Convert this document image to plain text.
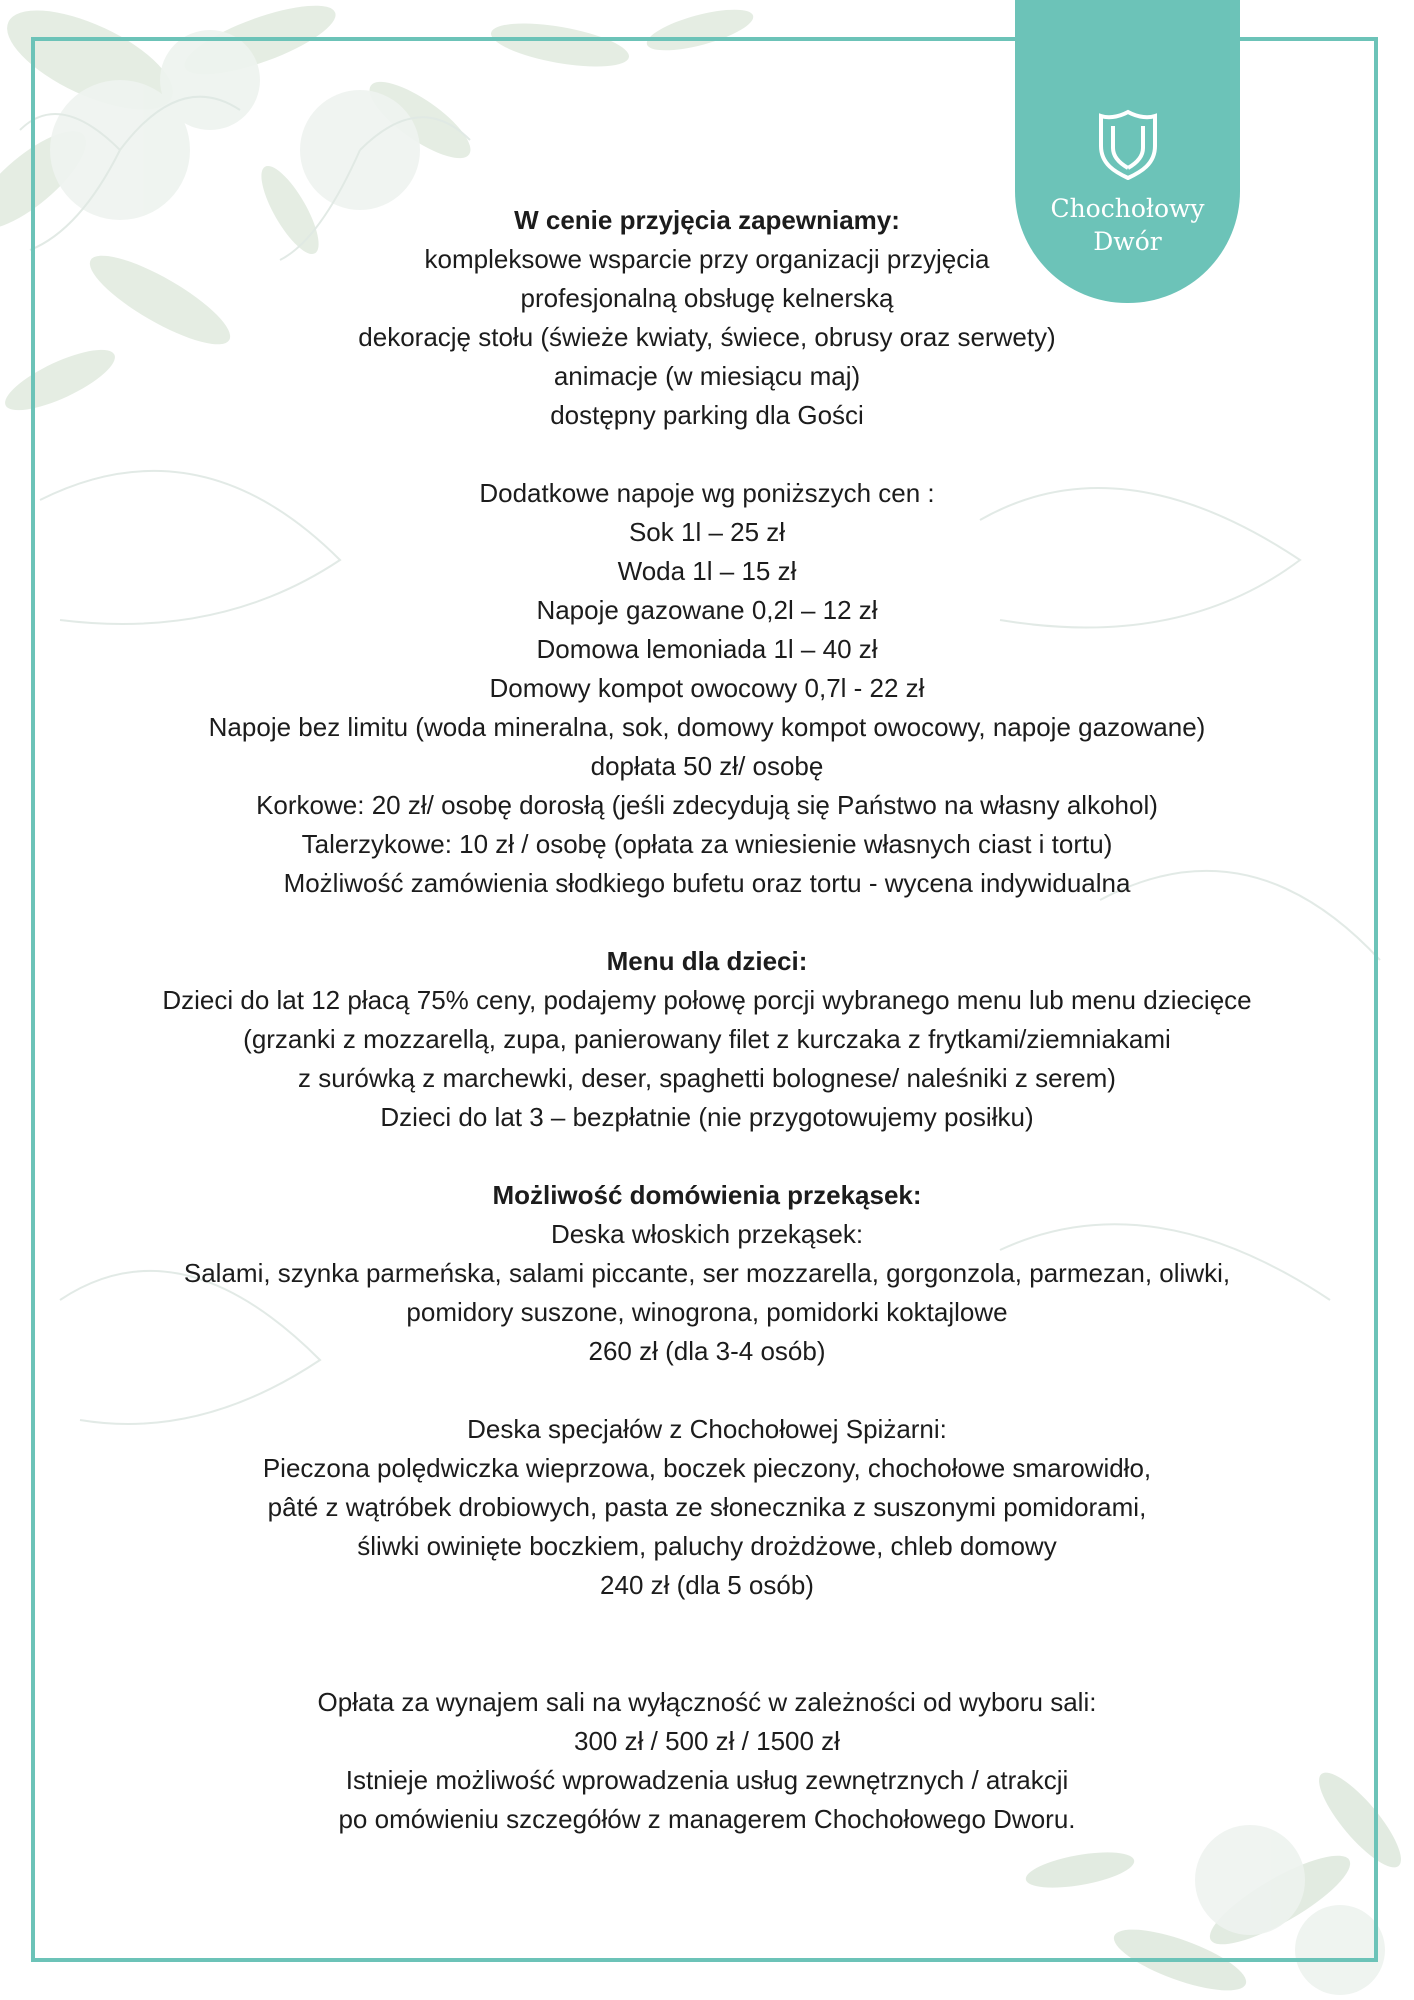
Chochołowy
Dwór

W cenie przyjęcia zapewniamy:

kompleksowe wsparcie przy organizacji przyjęcia

profesjonalną obsługę kelnerską

dekorację stołu (świeże kwiaty, świece, obrusy oraz serwety)

animacje (w miesiącu maj)

dostępny parking dla Gości

Dodatkowe napoje wg poniższych cen :

Sok 1l – 25 zł

Woda 1l – 15 zł

Napoje gazowane 0,2l – 12 zł

Domowa lemoniada 1l – 40 zł

Domowy kompot owocowy 0,7l - 22 zł

Napoje bez limitu (woda mineralna, sok, domowy kompot owocowy, napoje gazowane)

dopłata 50 zł/ osobę

Korkowe: 20 zł/ osobę dorosłą (jeśli zdecydują się Państwo na własny alkohol)

Talerzykowe: 10 zł / osobę (opłata za wniesienie własnych ciast i tortu)

Możliwość zamówienia słodkiego bufetu oraz tortu - wycena indywidualna

Menu dla dzieci:

Dzieci do lat 12 płacą 75% ceny, podajemy połowę porcji wybranego menu lub menu dziecięce

(grzanki z mozzarellą, zupa, panierowany filet z kurczaka z frytkami/ziemniakami

z surówką z marchewki, deser, spaghetti bolognese/ naleśniki z serem)

Dzieci do lat 3 – bezpłatnie (nie przygotowujemy posiłku)

Możliwość domówienia przekąsek:

Deska włoskich przekąsek:

Salami, szynka parmeńska, salami piccante, ser mozzarella, gorgonzola, parmezan, oliwki,

pomidory suszone, winogrona, pomidorki koktajlowe

260 zł (dla 3-4 osób)

Deska specjałów z Chochołowej Spiżarni:

Pieczona polędwiczka wieprzowa, boczek pieczony, chochołowe smarowidło,

pâté z wątróbek drobiowych, pasta ze słonecznika z suszonymi pomidorami,

śliwki owinięte boczkiem, paluchy drożdżowe, chleb domowy

240 zł (dla 5 osób)

Opłata za wynajem sali na wyłączność w zależności od wyboru sali:

300 zł / 500 zł / 1500 zł

Istnieje możliwość wprowadzenia usług zewnętrznych / atrakcji

po omówieniu szczegółów z managerem Chochołowego Dworu.
